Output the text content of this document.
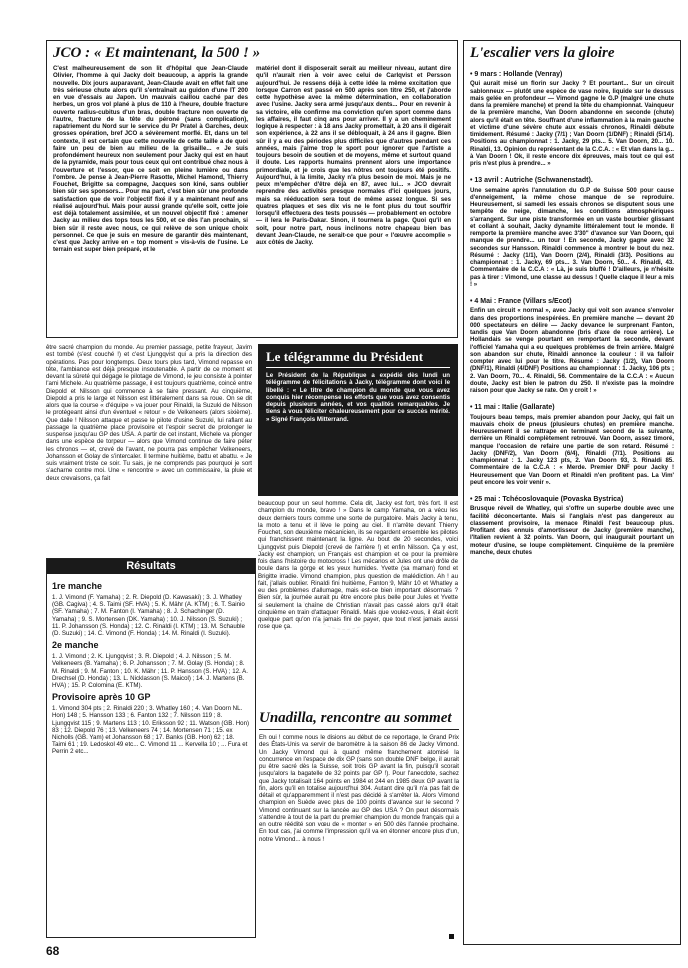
JCO : « Et maintenant, la 500 ! »
C'est malheureusement de son lit d'hôpital que Jean-Claude Olivier, l'homme à qui Jacky doit beaucoup, a appris la grande nouvelle. Dix jours auparavant, Jean-Claude avait en effet fait une très sérieuse chute alors qu'il s'entraînait au guidon d'une IT 200 en vue d'essais au Japon. Un mauvais caillou caché par des herbes, un gros vol plané à plus de 110 à l'heure, double fracture ouverte radius-cubitus d'un bras, double fracture non ouverte de l'autre, fracture de la tête du péroné (sans complication), rapatriement du Nord sur le service du Pr Pratel à Garches, deux grosses opération, bref JCO a sévèrement morflé. Et, dans un tel contexte, il est certain que cette nouvelle de cette taille a de quoi faire un peu de bien au milieu de la grisaille... « Je suis profondément heureux non seulement pour Jacky qui est en haut de la pyramide, mais pour tous ceux qui ont contribué chez nous à l'ouverture et l'essor, que ce soit en pleine lumière ou dans l'ombre. Je pense à Jean-Pierre Rasotte, Michel Hamond, Thierry Fouchet, Brigitte sa compagne, Jacques son kiné, sans oublier bien sûr ses sponsors... Pour ma part, c'est bien sûr une profonde satisfaction que de voir l'objectif fixé il y a maintenant neuf ans réalisé aujourd'hui. Mais pour aussi grande qu'elle soit, cette joie est déjà totalement assimilée, et un nouvel objectif fixé : amener Jacky au milieu des tops tous les 500, et ce dès l'an prochain, si bien sûr il reste avec nous, ce qui relève de son unique choix personnel. Ce que je suis en mesure de garantir dès maintenant, c'est que Jacky arrive en « top moment » vis-à-vis de l'usine. Le terrain est super bien préparé, et le
matériel dont il disposerait serait au meilleur niveau, autant dire qu'il n'aurait rien à voir avec celui de Carlqvist et Persson aujourd'hui. Je ressens déjà à cette idée la même excitation que lorsque Carron est passé en 500 après son titre 250, et j'aborde cette hypothèse avec la même détermination, en collaboration avec l'usine. Jacky sera armé jusqu'aux dents... Pour en revenir à sa victoire, elle confirme ma conviction qu'en sport comme dans les affaires, il faut cinq ans pour arriver. Il y a un cheminement logique à respecter : à 18 ans Jacky promettait, à 20 ans il digérait son expérience, à 22 ans il se débloquait, à 24 ans il gagne. Bien sûr il y a eu des périodes plus difficiles que d'autres pendant ces années, mais j'aime trop le sport pour ignorer que l'artiste a toujours besoin de soutien et de moyens, même et surtout quand il doute. Les rapports humains prennent alors une importance primordiale, et je crois que les nôtres ont toujours été positifs. Aujourd'hui, à la limite, Jacky n'a plus besoin de moi. Mais je ne peux m'empêcher d'être déjà en 87, avec lui... » JCO devrait reprendre des activités presque normales d'ici quelques jours, mais sa rééducation sera tout de même assez longue. Si ses quatres plaques et ses dix vis ne le font plus du tout souffrir lorsqu'il effectuera des tests poussés — probablement en octobre — il lera le Paris-Dakar. Sinon, il tournera la page. Quoi qu'il en soit, pour notre part, nous inclinons notre chapeau bien bas devant Jean-Claude, ne serait-ce que pour « l'œuvre accomplie » aux côtés de Jacky.
L'escalier vers la gloire
• 9 mars : Hollande (Venray)
Qui aurait misé un florin sur Jacky ? Et pourtant... Sur un circuit sablonneux — plutôt une espèce de vase noire, liquide sur le dessus mais gelée en profondeur — Vimond gagne le G.P (malgré une chute dans la première manche) et prend la tête du championnat. Vainqueur de la première manche, Van Doorn abandonne en seconde (chute) alors qu'il était en tête. Souffrant d'une inflammation à la main gauche et victime d'une sévère chute aux essais chronos, Rinaldi débute timidement. Résumé : Jacky (7/1) ; Van Doorn (1/DNF) ; Rinaldi (5/14). Positions au championnat : 1. Jacky, 29 pts... 5. Van Doorn, 20... 10. Rinaldi, 13. Opinion du représentant de la C.C.A. : « Et vlan dans la g... à Van Doorn ! Ok, il reste encore dix épreuves, mais tout ce qui est pris n'est plus à prendre... »
• 13 avril : Autriche (Schwanenstadt).
Une semaine après l'annulation du G.P de Suisse 500 pour cause d'enneigement, la même chose manque de se reproduire. Heureusement, si samedi les essais chronos se disputent sous une tempête de neige, dimanche, les conditions atmosphériques s'arrangent. Sur une piste transformée en un vaste bourbier glissant et collant à souhait, Jacky dynamite littéralement tout le monde. Il remporte la première manche avec 3'30" d'avance sur Van Doorn, qui manque de prendre... un tour ! En seconde, Jacky gagne avec 32 secondes sur Hansson. Rinaldi commence à montrer le bout du nez. Résumé : Jacky (1/1), Van Doorn (2/4), Rinaldi (3/3). Positions au championnat : 1. Jacky, 69 pts... 3. Van Doorn, 50... 4. Rinaldi, 43. Commentaire de la C.C.A : « Là, je suis bluffé ! D'ailleurs, je n'hésite pas à tirer : Vimond, une classe au dessus ! Quelle claque il leur a mis ! »
• 4 Mai : France (Villars s/Ecot)
Enfin un circuit « normal », avec Jacky qui voit son avance s'envoler dans des proportions inespérées. En première manche — devant 20 000 spectateurs en délire — Jacky devance le surprenant Fanton, tandis que Van Doorn abandonne (bris d'axe de roue arrière). Le Hollandais se venge pourtant en remportant la seconde, devant l'officiel Yamaha qui a eu quelques problèmes de frein arrière. Malgré son abandon sur chute, Rinaldi annonce la couleur : il va falloir compter avec lui pour le titre. Résumé : Jacky (1/2), Van Doorn (DNF/1), Rinaldi (4/DNF) Positions au championnat : 1. Jacky, 106 pts ; 2. Van Doorn, 70... 4. Rinaldi, 56. Commentaire de la C.C.A : « Aucun doute, Jacky est bien le patron du 250. Il n'existe pas la moindre raison pour que Jacky se rate. On y croit ! »
• 11 mai : Italie (Gallarate)
Toujours beau temps, mais premier abandon pour Jacky, qui fait un mauvais choix de pneus (plusieurs chutes) en première manche. Heureusement il se rattrape en terminant second de la suivante, derrière un Rinaldi complètement retrouvé. Van Doorn, assez timoré, manque l'occasion de refaire une partie de son retard. Résumé : Jacky (DNF/2), Van Doorn (6/4), Rinaldi (7/1). Positions au championnat : 1. Jacky 123 pts, 2. Van Doorn 93, 3. Rinaldi 85. Commentaire de la C.C.A : « Merde. Premier DNF pour Jacky ! Heureusement que Van Doorn et Rinaldi n'en profitent pas. La Vim' peut encore les voir venir ».
• 25 mai : Tchécoslovaquie (Povaska Bystrica)
Brusque réveil de Whatley, qui s'offre un superbe double avec une facilité déconcertante. Mais si l'anglais n'est pas dangereux au classement provisoire, la menace Rinaldi l'est beaucoup plus. Profitant des ennuis d'amortisseur de Jacky (première manche), l'Italien revient à 32 points. Van Doorn, qui inaugurait pourtant un moteur d'usine, se loupe complètement. Cinquième de la première manche, deux chutes
être sacré champion du monde. Au premier passage, petite frayeur, Javim est tombé (s'est couché !) et c'est Ljungqvist qui a pris la direction des opérations. Pas pour longtemps. Deux tours plus tard, Vimond repasse en tête, l'ambiance est déjà presque insoutenable. A partir de ce moment et devant la sûreté qui dégage le pilotage de Vimond, le jeu consiste à pointer l'ami Michele. Au quatrième passage, il est toujours quatrième, coincé entre Diepold et Nilsson qui commence à se faire pressant. Au cinquième, Diepold a pris le large et Nilsson est littéralement dans sa roue. On se dit alors que la course « d'équipe » va jouer pour Rinaldi, la Suzuki de Nilsson le protégeant ainsi d'un éventuel « retour » de Velkeneers (alors sixième). Que dalle ! Nilsson attaque et passe le pilote d'usine Suzuki, lui raflant au passage la quatrième place provisoire et l'espoir secret de prolonger le suspense jusqu'au GP des USA. A partir de cet instant, Michele va plonger dans une espèce de torpeur — alors que Vimond continue de faire péter les chronos — et, crevé de l'avant, ne pourra pas empêcher Velkeneers, Johansson et Golay de s'intercaler. Il termine huitième, battu et abattu. « Je suis vraiment triste ce soir. Tu sais, je ne comprends pas pourquoi je sort s'acharne contre moi. Une « rencontre » avec un commissaire, la pluie et deux crevaisons, ça fait
Le télégramme du Président
Le Président de la République a expédié dès lundi un télégramme de félicitations à Jacky, télégramme dont voici le libellé : « Le titre de champion du monde que vous avez conquis hier récompense les efforts que vous avez consentis depuis plusieurs années, et vos qualités remarquables. Je tiens à vous féliciter chaleureusement pour ce succès mérité. » Signé François Mitterrand.
beaucoup pour un seul homme. Cela dit, Jacky est fort, très fort. Il est champion du monde, bravo ! » Dans le camp Yamaha, on a vécu les deux derniers tours comme une sorte de purgatoire. Mais Jacky à tenu, la moto a tenu et il lève le poing au ciel. Il n'arrête devant Thierry Fouchet, son deuxième mécanicien, ils se regardent ensemble les pilotes qui franchissent maintenant la ligne. Au bout de 20 secondes, voici Ljungqvist puis Diepold (crevé de l'arrière !) et enfin Nilsson. Ça y est, Jacky est champion, un Français est champion et ce pour la première fois dans l'histoire du motocross ! Les mécanos et Jules ont une drôle de boule dans la gorge et les yeux humides. Yvette (sa maman) fond et Brigitte irradie. Vimond champion, plus question de malédiction. Ah ! au fait, j'allais oublier. Rinaldi fini huitième, Fanton 9, Mähr 10 et Whatley a eu des problèmes d'allumage, mais est-ce bien important désormais ? Bien sûr, la journée aurait pu être encore plus belle pour Jules et Yvette si seulement la chaîne de Christian n'avait pas cassé alors qu'il était cinquième en train d'attaquer Rinaldi. Mais que voulez-vous, il était écrit quelque part qu'on n'a jamais fini de payer, que tout n'est jamais aussi rose que ça.
Résultats
1re manche
1. J. Vimond (F. Yamaha) ; 2. R. Diepold (D. Kawasaki) ; 3. J. Whatley (GB. Cagiva) ; 4. S. Taimi (SF. HVA) ; 5. K. Mähr (A. KTM) ; 6. T. Sainio (SF. Yamaha) ; 7. M. Fanton (I. Yamaha) ; 8. J. Schachinger (D. Yamaha) ; 9. S. Mortensen (DK. Yamaha) ; 10. J. Nilsson (S. Suzuki) ; 11. P. Johansson (S. Honda) ; 12. C. Rinaldi (I. KTM) ; 13. M. Schauble (D. Suzuki) ; 14. C. Vimond (F. Honda) ; 14. M. Rinaldi (I. Suzuki).
2e manche
1. J. Vimond ; 2. K. Ljungqvist ; 3. R. Diepold ; 4. J. Nilsson ; 5. M. Velkeneers (B. Yamaha) ; 6. P. Johansson ; 7. M. Golay (S. Honda) ; 8. M. Rinaldi ; 9. M. Fanton ; 10. K. Mähr ; 11. P. Hansson (S. HVA) ; 12. A. Drechsel (D. Honda) ; 13. L. Nicklasson (S. Maicol) ; 14. J. Martens (B. HVA) ; 15. P. Colomina (E. KTM).
Provisoire après 10 GP
1. Vimond 304 pts ; 2. Rinaldi 220 ; 3. Whatley 160 ; 4. Van Doorn NL. Hon) 148 ; 5. Hansson 133 ; 6. Fanton 132 ; 7. Nilsson 119 ; 8. Ljungqvist 115 ; 9. Martens 113 ; 10. Eriksson 92 ; 11. Watson (GB. Hon) 83 ; 12. Diepold 76 ; 13. Velkeneers 74 ; 14. Mortensen 71 ; 15. ex Nicholls (GB. Yam) et Johansson 68 ; 17. Banks (GB. Hon) 62 ; 18. Taimi 61 ; 19. Ledoskol 49 etc... C. Vimond 11 ... Kervella 10 ; ... Fura et Perrin 2 etc...
Unadilla, rencontre au sommet
Eh oui ! comme nous le disions au début de ce reportage, le Grand Prix des États-Unis va servir de baromètre à la saison 86 de Jacky Vimond. Un Jacky Vimond qui à quand même franchement atomisé la concurrence en l'espace de dix GP (sans son double DNF belge, il aurait pu être sacré dès la Suisse, soit trois GP avant la fin, puisqu'il scorait jusqu'alors la bagatelle de 32 points par GP !). Pour l'anecdote, sachez que Jacky totalisait 164 points en 1984 et 244 en 1985 deux GP avant la fin, alors qu'il en totalise aujourd'hui 304. Autant dire qu'il n'a pas fait de détail et qu'apparemment il n'est pas décidé à s'arrêter là. Alors Vimond champion en Suède avec plus de 100 points d'avance sur le second ? Vimond continuant sur la lancée au GP des USA ? On peut désormais s'attendre à tout de la part du premier champion du monde français qui a en outre réédité son vœu de « monter » en 500 dès l'année prochaine. En tout cas, j'ai comme l'impression qu'il va en étonner encore plus d'un, notre Vimond... à nous !
68
